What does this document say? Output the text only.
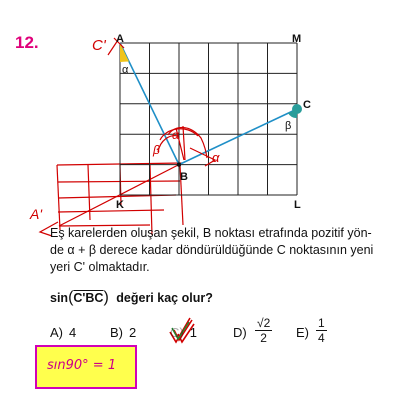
12.	A	M
C
B
K	L
α
β
C'
A'
β
α
α
Eş karelerden oluşan şekil, B noktası etrafında pozitif yön-
de α + β derece kadar döndürüldüğünde C noktasının yeni
yeri C' olmaktadır.
sin(C'BC) değeri kaç olur?
A) 4	B) 2	C) 1	$D) \frac{√2}{2} E) \frac{1}{4}$
sın90° = 1
